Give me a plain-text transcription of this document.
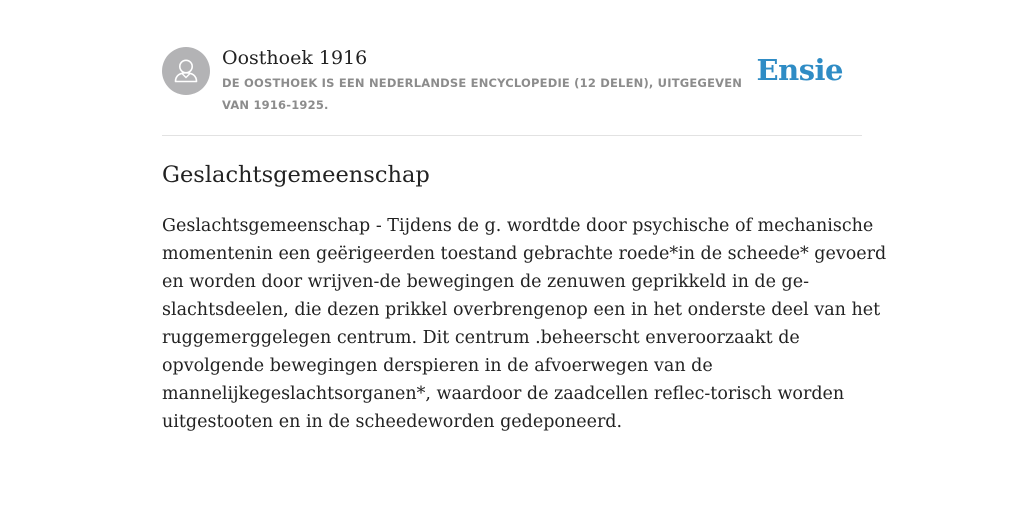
Oosthoek 1916
DE OOSTHOEK IS EEN NEDERLANDSE ENCYCLOPEDIE (12 DELEN), UITGEGEVEN
VAN 1916-1925.
Ensie
Geslachtsgemeenschap
Geslachtsgemeenschap - Tijdens de g. wordtde door psychische of mechanische
momentenin een geërigeerden toestand gebrachte roede*in de scheede* gevoerd
en worden door wrijven-de bewegingen de zenuwen geprikkeld in de ge-
slachtsdeelen, die dezen prikkel overbrengenop een in het onderste deel van het
ruggemerggelegen centrum. Dit centrum .beheerscht enveroorzaakt de
opvolgende bewegingen derspieren in de afvoerwegen van de
mannelijkegeslachtsorganen*, waardoor de zaadcellen reflec-torisch worden
uitgestooten en in de scheedeworden gedeponeerd.
